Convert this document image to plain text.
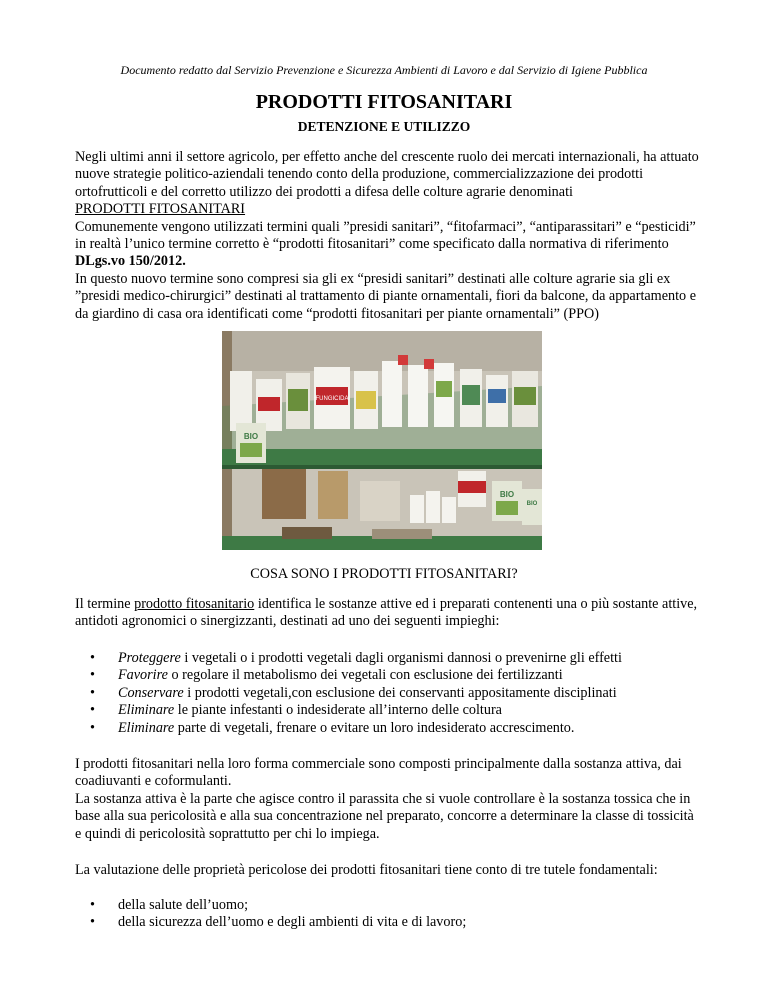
Documento redatto dal Servizio Prevenzione e Sicurezza Ambienti di Lavoro e dal Servizio di Igiene Pubblica
PRODOTTI FITOSANITARI
DETENZIONE E UTILIZZO

Negli ultimi anni il settore agricolo, per effetto anche del crescente ruolo dei mercati internazionali, ha attuato nuove strategie politico-aziendali tenendo conto della produzione, commercializzazione dei prodotti ortofrutticoli e del corretto utilizzo dei prodotti a difesa delle colture agrarie denominati
PRODOTTI FITOSANITARI

Comunemente vengono utilizzati termini quali ”presidi sanitari”, “fitofarmaci”, “antiparassitari” e “pesticidi” in realtà l’unico termine corretto è “prodotti fitosanitari” come specificato dalla normativa di riferimento DLgs.vo 150/2012.

In questo nuovo termine sono compresi sia gli ex “presidi sanitari” destinati alle colture agrarie sia gli ex ”presidi medico-chirurgici” destinati al trattamento di piante ornamentali, fiori da balcone, da appartamento e da giardino di casa ora identificati come “prodotti fitosanitari per piante ornamentali” (PPO)

FUNGICIDA
BIO
BIO
BIO
COSA SONO I PRODOTTI FITOSANITARI?

Il termine prodotto fitosanitario identifica le sostanze attive ed i preparati contenenti una o più sostante attive, antidoti agronomici o sinergizzanti, destinati ad uno dei seguenti impieghi:

• Proteggere i vegetali o i prodotti vegetali dagli organismi dannosi o prevenirne gli effetti
• Favorire o regolare il metabolismo dei vegetali con esclusione dei fertilizzanti
• Conservare i prodotti vegetali,con esclusione dei conservanti appositamente disciplinati
• Eliminare le piante infestanti o indesiderate all’interno delle coltura
• Eliminare parte di vegetali, frenare o evitare un loro indesiderato accrescimento.

I prodotti fitosanitari nella loro forma commerciale sono composti principalmente dalla sostanza attiva, dai coadiuvanti e coformulanti.

La sostanza attiva è la parte che agisce contro il parassita che si vuole controllare è la sostanza tossica che in base alla sua pericolosità e alla sua concentrazione nel preparato, concorre a determinare la classe di tossicità e quindi di pericolosità soprattutto per chi lo impiega.

La valutazione delle proprietà pericolose dei prodotti fitosanitari tiene conto di tre tutele fondamentali:

• della salute dell’uomo;
• della sicurezza dell’uomo e degli ambienti di vita e di lavoro;
